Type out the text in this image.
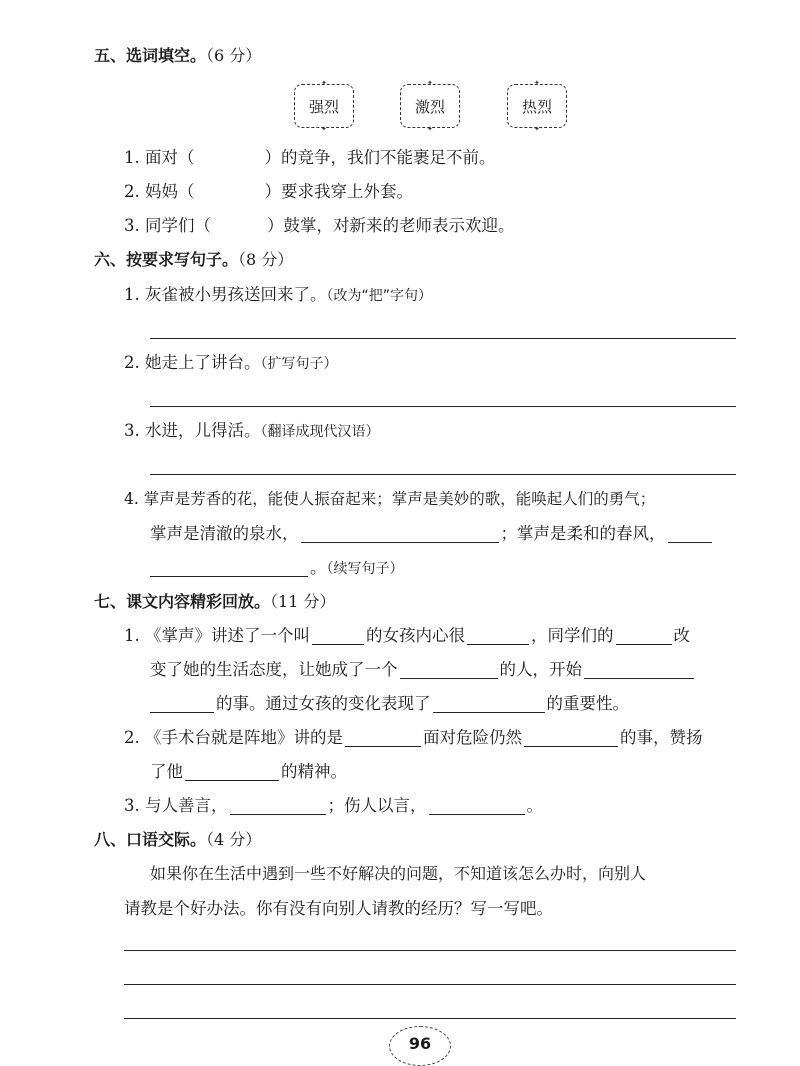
五、选词填空。（6 分）
✦ 强烈 ✦	✦ 激烈 ✦	✦ 热烈 ✦
1. 面对（	）的竞争，我们不能裹足不前。
2. 妈妈（	）要求我穿上外套。
3. 同学们（	）鼓掌，对新来的老师表示欢迎。
六、按要求写句子。（8 分）
1. 灰雀被小男孩送回来了。（改为“把”字句）
2. 她走上了讲台。（扩写句子）
3. 水进，儿得活。（翻译成现代汉语）
4. 掌声是芳香的花，能使人振奋起来；掌声是美妙的歌，能唤起人们的勇气；
掌声是清澈的泉水，	；掌声是柔和的春风，
。（续写句子）
七、课文内容精彩回放。（11 分）
1. 《掌声》讲述了一个叫	的女孩内心很	，同学们的	改
变了她的生活态度，让她成了一个	的人，开始
的事。通过女孩的变化表现了	的重要性。
2. 《手术台就是阵地》讲的是	面对危险仍然	的事，赞扬
了他	的精神。
3. 与人善言，	；伤人以言，	。
八、口语交际。（4 分）
如果你在生活中遇到一些不好解决的问题，不知道该怎么办时，向别人
请教是个好办法。你有没有向别人请教的经历？写一写吧。
96
